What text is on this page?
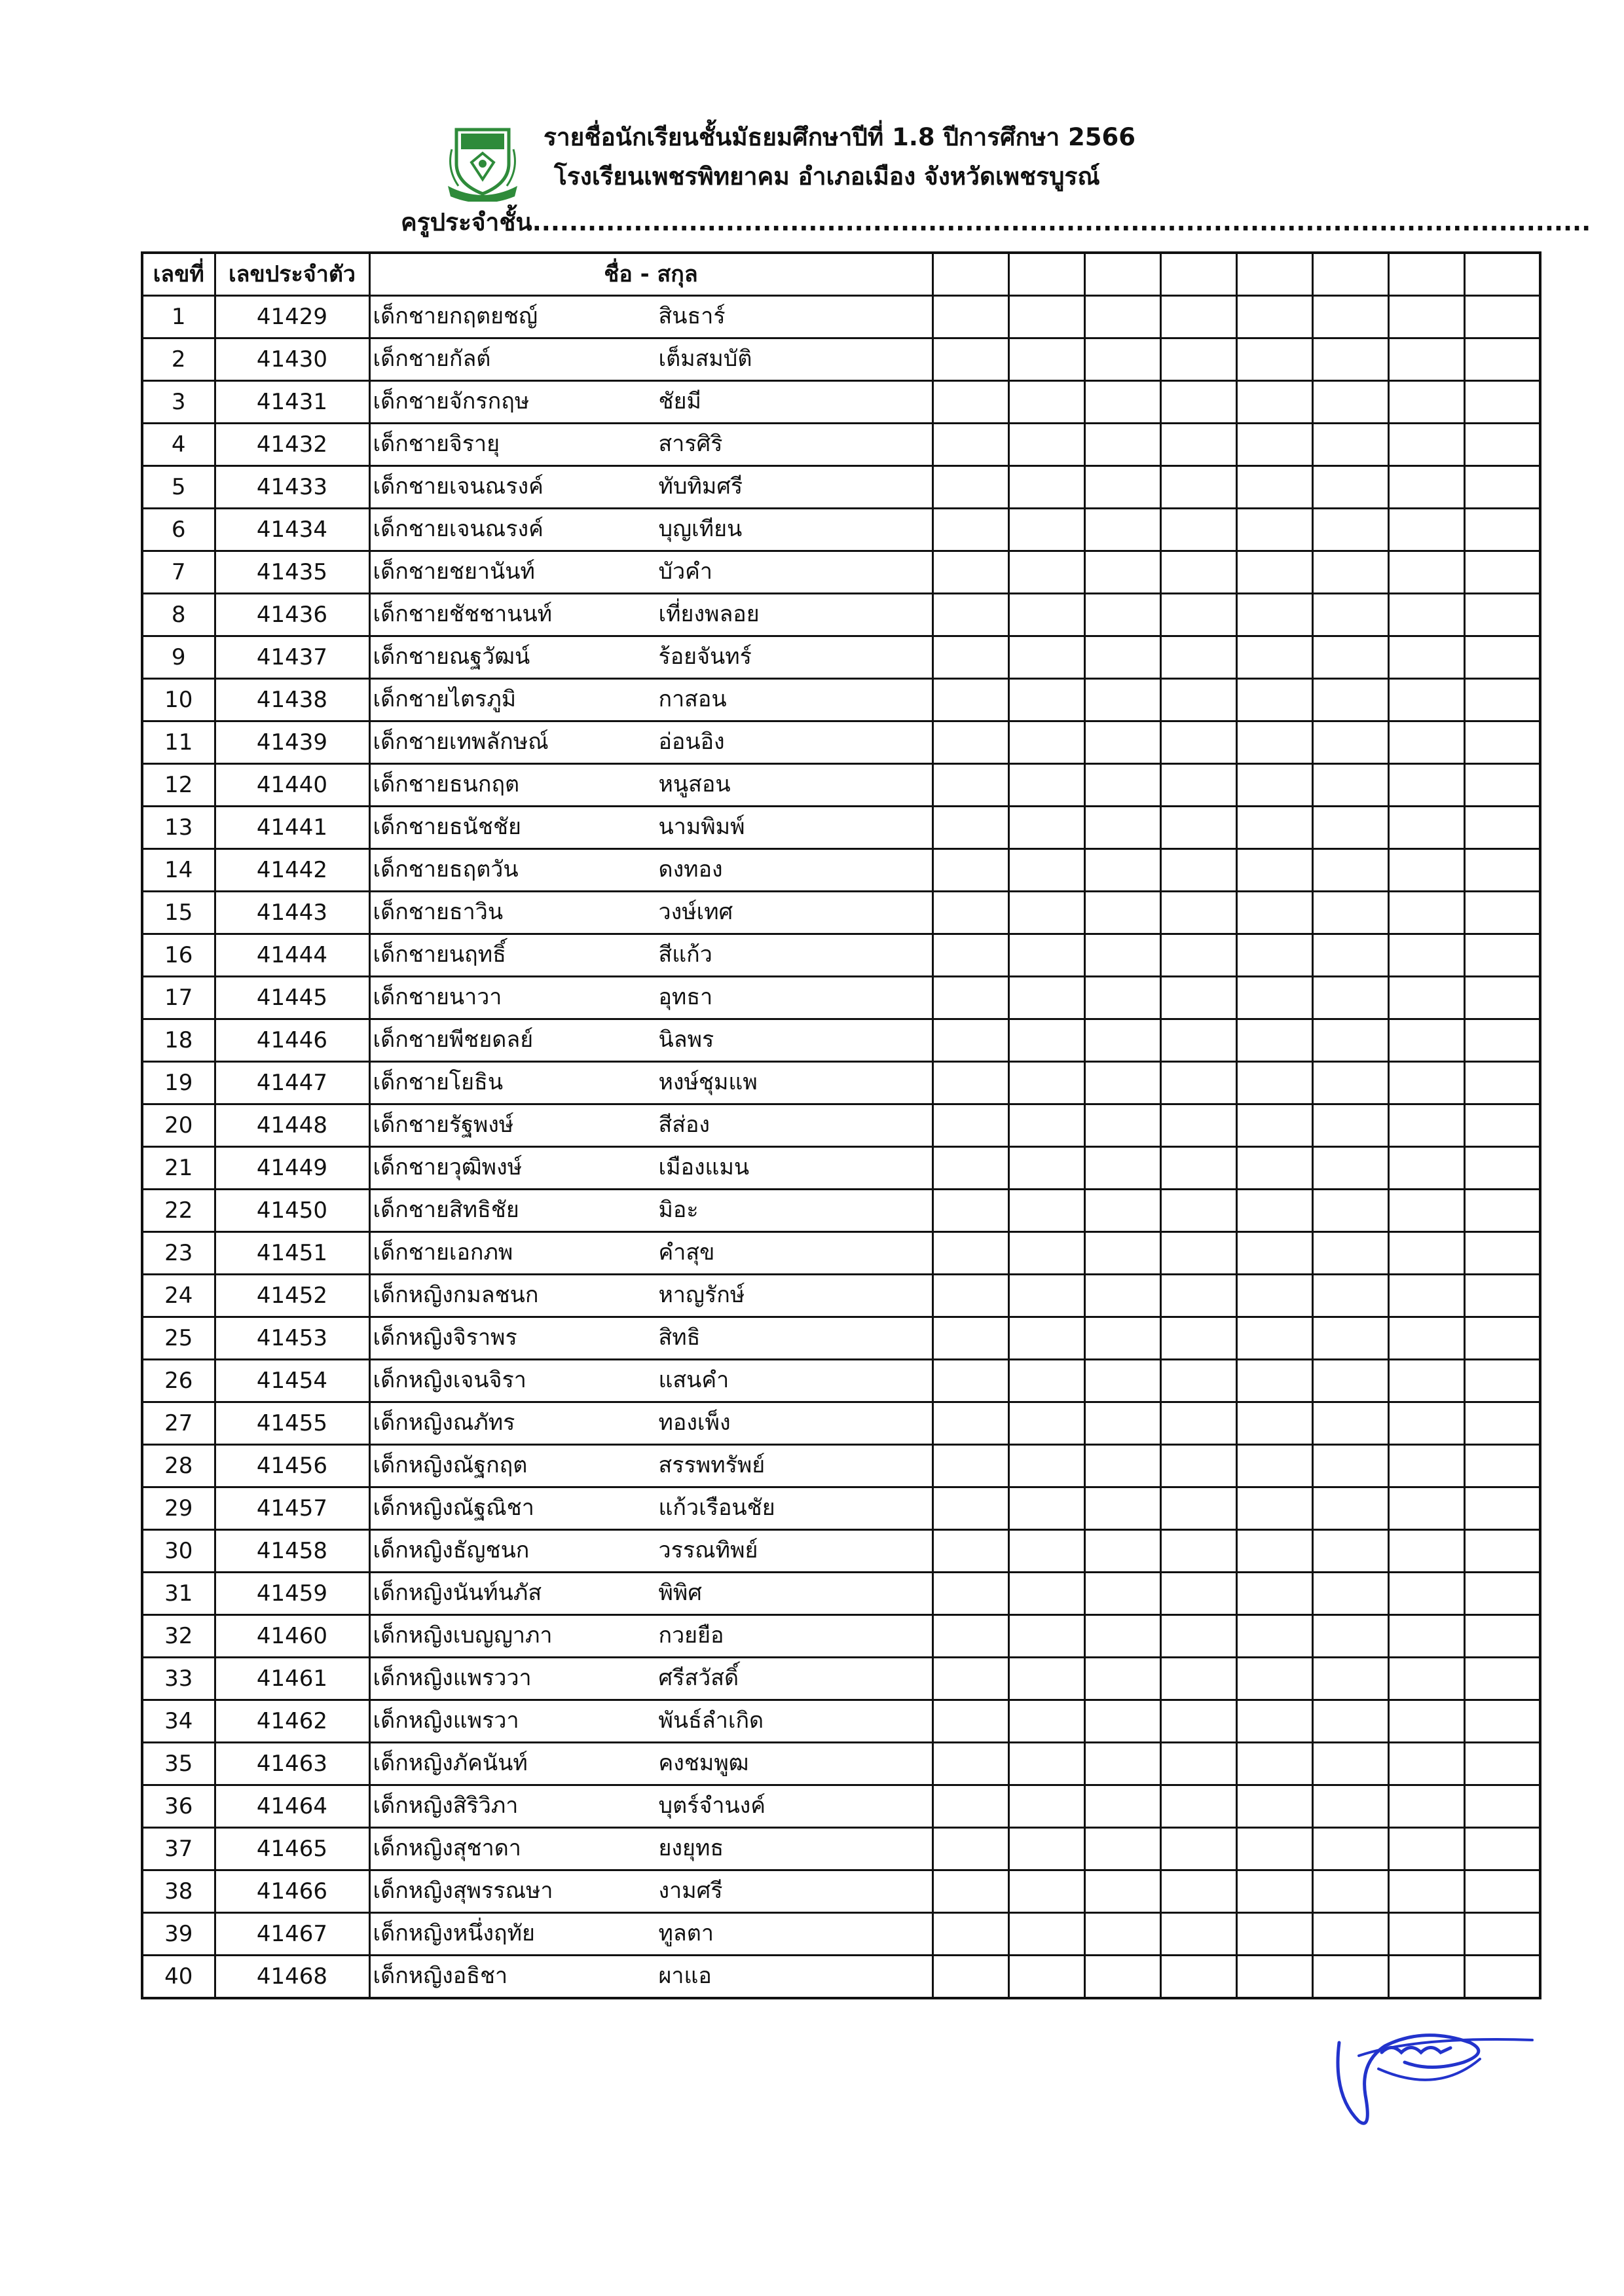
รายชื่อนักเรียนชั้นมัธยมศึกษาปีที่ 1.8 ปีการศึกษา 2566
โรงเรียนเพชรพิทยาคม อำเภอเมือง จังหวัดเพชรบูรณ์
ครูประจำชั้น...................................................................................................................
เลขที่	เลขประจำตัว	ชื่อ - สกุล								
1	41429	เด็กชายกฤตยชญ์ สินธาร์								

2	41430	เด็กชายกัลต์ เต็มสมบัติ								

3	41431	เด็กชายจักรกฤษ ชัยมี								

4	41432	เด็กชายจิรายุ สารศิริ								

5	41433	เด็กชายเจนณรงค์ ทับทิมศรี								

6	41434	เด็กชายเจนณรงค์ บุญเทียน								

7	41435	เด็กชายชยานันท์ บัวคำ								

8	41436	เด็กชายชัชชานนท์ เที่ยงพลอย								

9	41437	เด็กชายณฐวัฒน์ ร้อยจันทร์								

10	41438	เด็กชายไตรภูมิ กาสอน								

11	41439	เด็กชายเทพลักษณ์ อ่อนอิง								

12	41440	เด็กชายธนกฤต หนูสอน								

13	41441	เด็กชายธนัชชัย นามพิมพ์								

14	41442	เด็กชายธฤตวัน ดงทอง								

15	41443	เด็กชายธาวิน วงษ์เทศ								

16	41444	เด็กชายนฤทธิ์ สีแก้ว								

17	41445	เด็กชายนาวา อุทธา								

18	41446	เด็กชายพีชยดลย์ นิลพร								

19	41447	เด็กชายโยธิน หงษ์ชุมแพ								

20	41448	เด็กชายรัฐพงษ์ สีส่อง								

21	41449	เด็กชายวุฒิพงษ์ เมืองแมน								

22	41450	เด็กชายสิทธิชัย มิอะ								

23	41451	เด็กชายเอกภพ คำสุข								

24	41452	เด็กหญิงกมลชนก หาญรักษ์								

25	41453	เด็กหญิงจิราพร สิทธิ								

26	41454	เด็กหญิงเจนจิรา แสนคำ								

27	41455	เด็กหญิงณภัทร ทองเพ็ง								

28	41456	เด็กหญิงณัฐกฤต สรรพทรัพย์								

29	41457	เด็กหญิงณัฐณิชา แก้วเรือนชัย								

30	41458	เด็กหญิงธัญชนก วรรณทิพย์								

31	41459	เด็กหญิงนันท์นภัส พิพิศ								

32	41460	เด็กหญิงเบญญาภา กวยยือ								

33	41461	เด็กหญิงแพรววา ศรีสวัสดิ์								

34	41462	เด็กหญิงแพรวา พันธ์ลำเกิด								

35	41463	เด็กหญิงภัคนันท์ คงชมพูฒ								

36	41464	เด็กหญิงสิริวิภา บุตร์จำนงค์								

37	41465	เด็กหญิงสุชาดา ยงยุทธ								

38	41466	เด็กหญิงสุพรรณษา งามศรี								

39	41467	เด็กหญิงหนึ่งฤทัย ทูลตา								

40	41468	เด็กหญิงอธิชา ผาแอ								
